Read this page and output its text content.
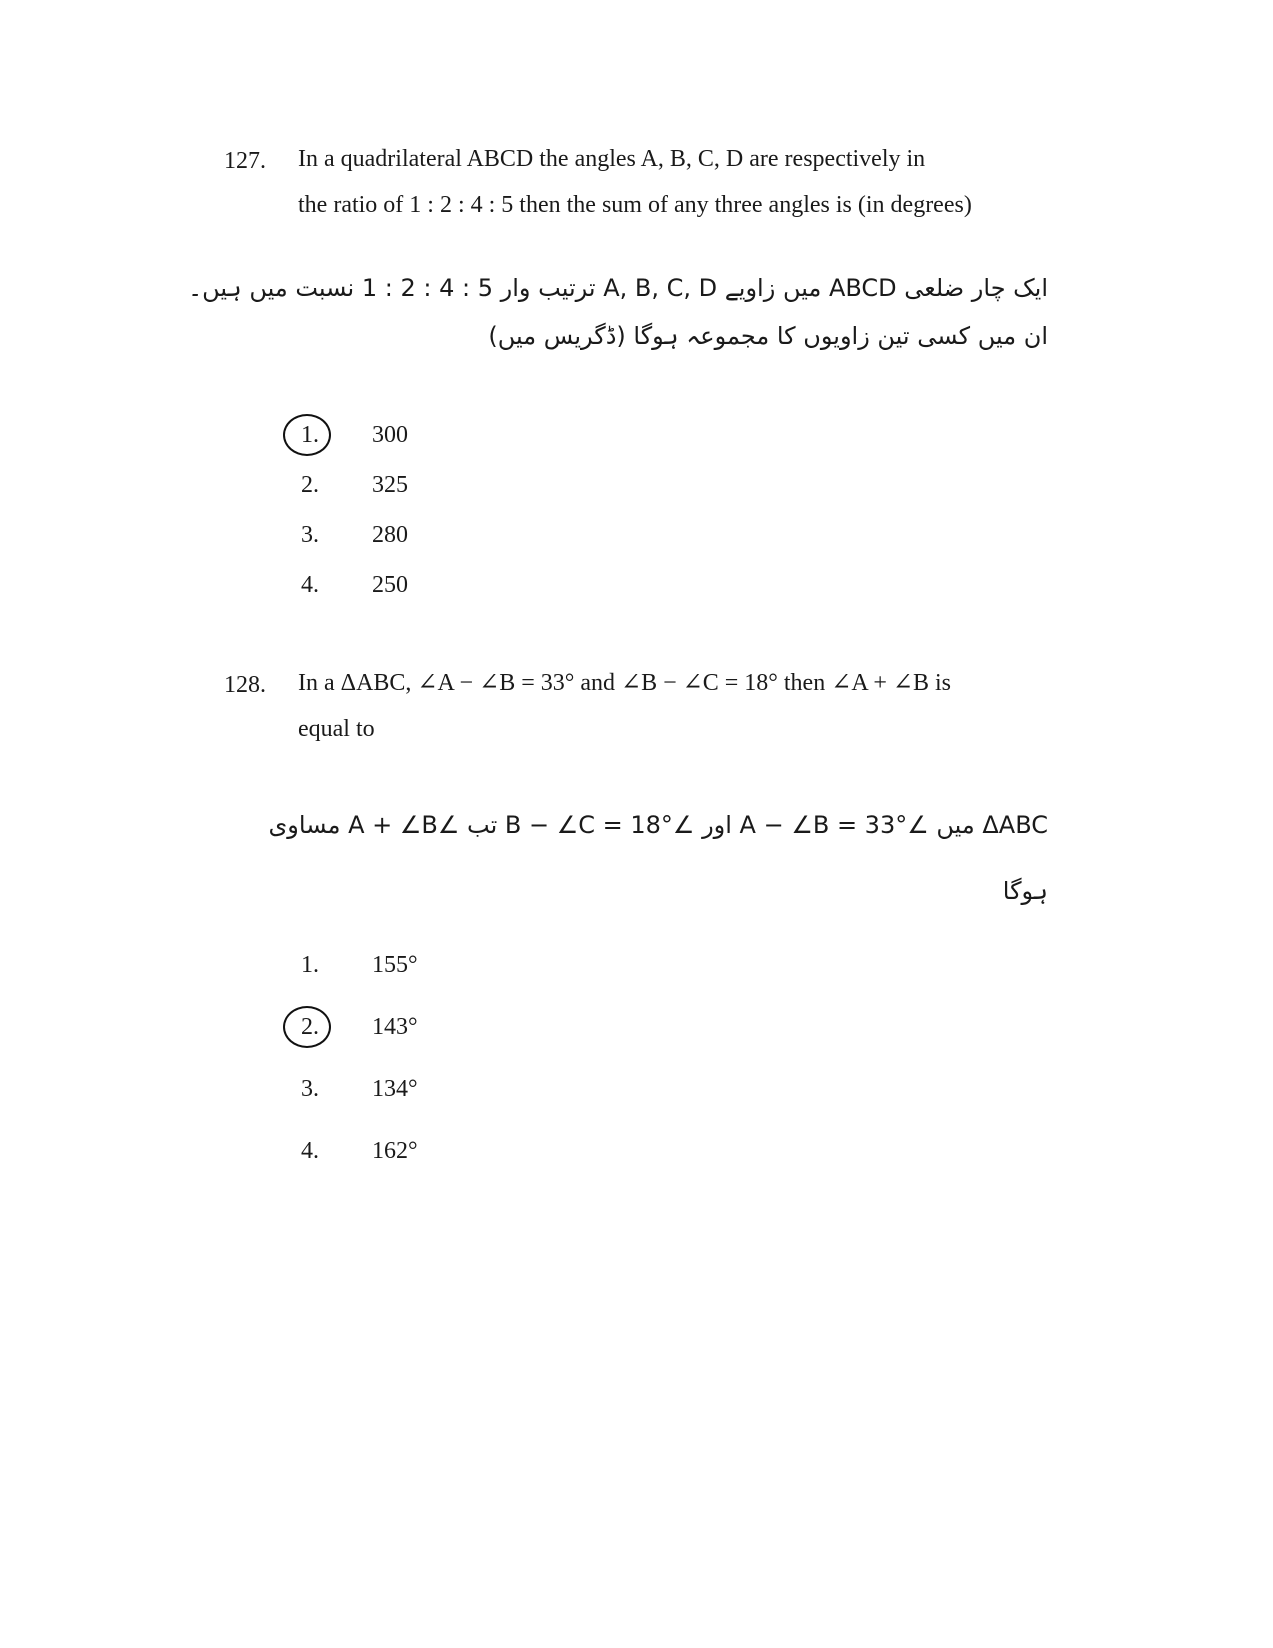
127. In a quadrilateral ABCD the angles A, B, C, D are respectively in
the ratio of 1 : 2 : 4 : 5 then the sum of any three angles is (in degrees)
ایک چار ضلعی ABCD میں زاویے A, B, C, D ترتیب وار 5 : 4 : 2 : 1 نسبت میں ہیں۔
ان میں کسی تین زاویوں کا مجموعہ ہوگا (ڈگریس میں)
1. 300
2. 325
3. 280
4. 250
128. In a ΔABC, ∠A − ∠B = 33° and ∠B − ∠C = 18° then ∠A + ∠B is
equal to
ΔABC میں ∠A − ∠B = 33° اور ∠B − ∠C = 18° تب ∠A + ∠B مساوی
ہوگا
1. 155°
2. 143°
3. 134°
4. 162°
